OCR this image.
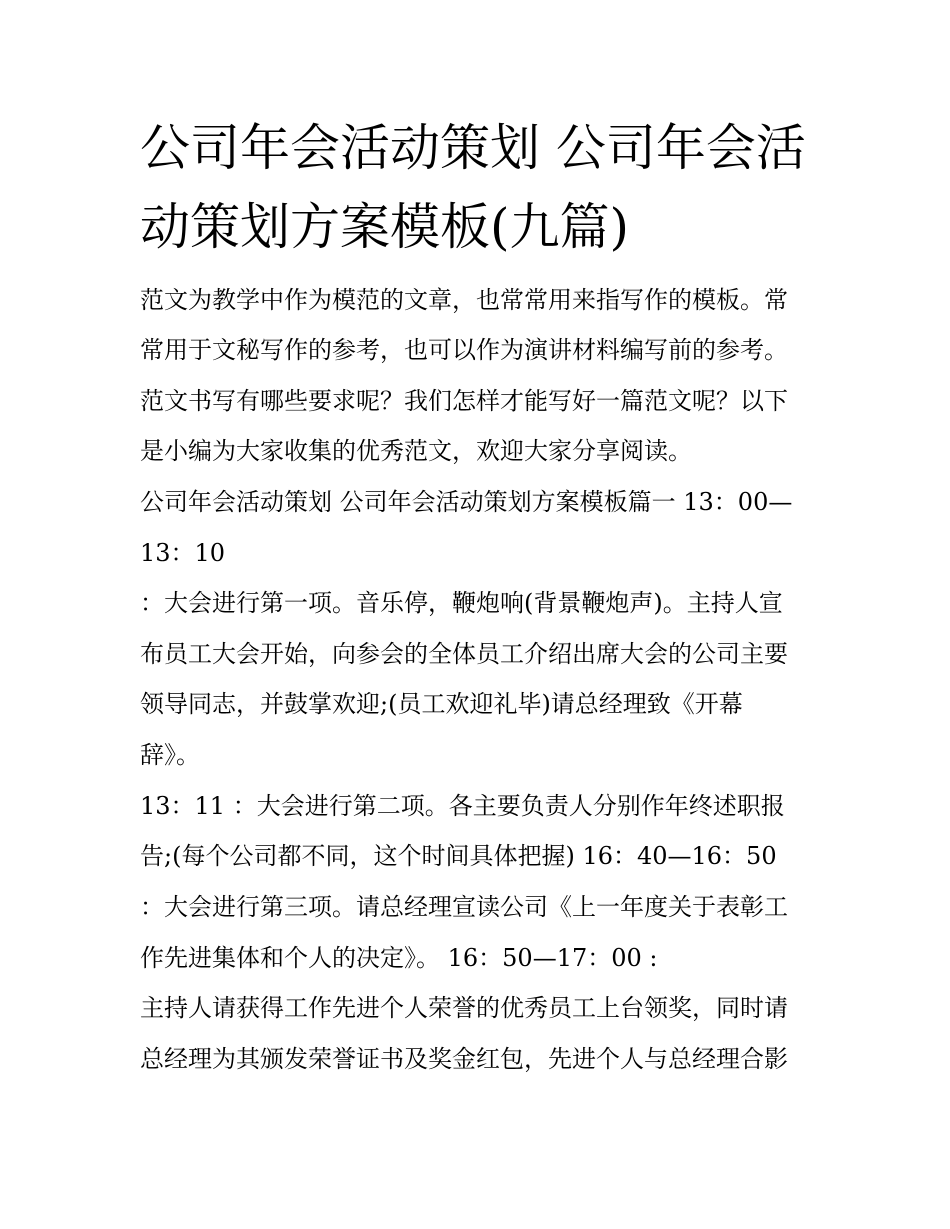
公司年会活动策划 公司年会活
动策划方案模板(九篇)

范文为教学中作为模范的文章，也常常用来指写作的模板。常

常用于文秘写作的参考，也可以作为演讲材料编写前的参考。

范文书写有哪些要求呢？我们怎样才能写好一篇范文呢？以下

是小编为大家收集的优秀范文，欢迎大家分享阅读。

公司年会活动策划 公司年会活动策划方案模板篇一 13：00—

13：10

：大会进行第一项。音乐停，鞭炮响(背景鞭炮声)。主持人宣

布员工大会开始，向参会的全体员工介绍出席大会的公司主要

领导同志，并鼓掌欢迎;(员工欢迎礼毕)请总经理致《开幕

辞》。

13：11 ：大会进行第二项。各主要负责人分别作年终述职报

告;(每个公司都不同，这个时间具体把握) 16：40—16：50

：大会进行第三项。请总经理宣读公司《上一年度关于表彰工

作先进集体和个人的决定》。 16：50—17：00 :

主持人请获得工作先进个人荣誉的优秀员工上台领奖，同时请

总经理为其颁发荣誉证书及奖金红包，先进个人与总经理合影
